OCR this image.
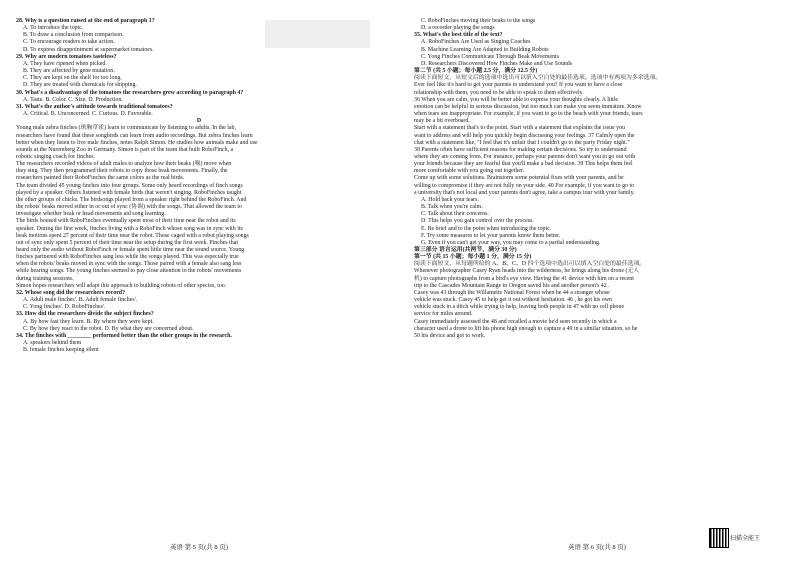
28. Why is a question raised at the end of paragraph 1?

A. To introduce the topic.

B. To draw a conclusion from comparison.

C. To encourage readers to take action.

D. To express disappointment at supermarket tomatoes.

29. Why are modern tomatoes tasteless?

A. They have ripened when picked.

B. They are affected by gene mutation.

C. They are kept on the shelf for too long.

D. They are treated with chemicals for shipping.

30. What's a disadvantage of the tomatoes the researchers grew according to paragraph 4?

A. Taste. B. Color. C. Size. D. Production.

31. What's the author's attitude towards traditional tomatoes?

A. Critical. B. Unconcerned. C. Curious. D. Favorable.

D

Young male zebra finches (斑胸草雀) learn to communicate by listening to adults. In the lab,

researchers have found that these songbirds can learn from audio recordings. But zebra finches learn

better when they listen to live male finches, notes Ralph Simon. He studies how animals make and use

sounds at the Nuremberg Zoo in Germany. Simon is part of the team that built RoboFinch, a

robotic singing coach for finches.

The researchers recorded videos of adult males to analyze how their beaks (喙) move when

they sing. They then programmed their robots to copy those beak movements. Finally, the

researchers painted their RoboFinches the same colors as the real birds.

The team divided 45 young finches into four groups. Some only heard recordings of finch songs

played by a speaker. Others listened with female birds that weren't singing. RoboFinches taught

the other groups of chicks. The birdsongs played from a speaker right behind the RoboFinch. And

the robots' beaks moved either in or out of sync (协调) with the songs. That allowed the team to

investigate whether beak or head movements aid song learning.

The birds housed with RoboFinches eventually spent most of their time near the robot and its

speaker. During the first week, finches living with a RoboFinch whose song was in sync with its

beak motions spent 27 percent of their time near the robot. Those caged with a robot playing songs

out of sync only spent 5 percent of their time near the setup during the first week. Finches that

heard only the audio without RoboFinch or female spent little time near the sound source. Young

finches partnered with RoboFinches sang less while the songs played. This was especially true

when the robots' beaks moved in sync with the songs. Those paired with a female also sang less

while hearing songs. The young finches seemed to pay close attention to the robots' movements

during training sessions.

Simon hopes researchers will adapt this approach to building robots of other species, too.

32. Whose song did the researchers record?

A. Adult male finches'. B. Adult female finches'.

C. Yong finches'. D. RoboFinches'.

33. How did the researchers divide the subject finches?

A. By how fast they learn. B. By where they were kept.

C. By how they react to the robot. D. By what they are concerned about.

34. The finches with ________ performed better than the other groups in the research.

A. speakers behind them

B. female finches keeping silent

C. RoboFinches moving their beaks to the songs

D. a recorder playing the songs

35. What's the best title of the text?

A. RoboFinches Are Used as Singing Coaches

B. Machine Learning Are Adapted to Building Robots

C. Yong Finches Communicate Through Beak Movements

D. Researchers Discovered How Finches Make and Use Sounds

第二节 (共 5 小题；每小题 2.5 分，满分 12.5 分)

阅读下面短文，从短文后的选项中选出可以填入空白处的最佳选项。选项中有两项为多余选项。

Ever feel like it's hard to get your parents to understand you? If you want to have a close

relationship with them, you need to be able to speak to them effectively.

36 When you are calm, you will be better able to express your thoughts clearly. A little

emotion can be helpful in serious discussion, but too much can make you seem immature. Know

when tears are inappropriate. For example, if you want to go to the beach with your friends, tears

may be a bit overboard.

Start with a statement that's to the point. Start with a statement that explains the issue you

want to address and will help you quickly begin discussing your feelings. 37 Calmly open the

chat with a statement like, "I feel that it's unfair that I couldn't go to the party Friday night."

38 Parents often have sufficient reasons for making certain decisions. So try to understand

where they are coming from. For instance, perhaps your parents don't want you to go out with

your friends because they are fearful that you'll make a bad decision. 39 This helps them feel

more comfortable with you going out together.

Come up with some solutions. Brainstorm some potential fixes with your parents, and be

willing to compromise if they are not fully on your side. 40 For example, if you want to go to

a university that's not local and your parents don't agree, take a campus tour with your family.

A. Hold back your tears.

B. Talk when you're calm.

C. Talk about their concerns.

D. This helps you gain control over the process.

E. Be brief and to the point when introducing the topic.

F. Try some measures to let your parents know them better.

G. Even if you can't get your way, you may come to a partial understanding.

第三部分 语言运用(共两节，满分 30 分)

第一节 (共 15 小题；每小题 1 分，满分 15 分)

阅读下面短文，从每题所给的 A、B、C、D 四个选项中选出可以填入空白处的最佳选项。

Whenever photographer Casey Ryan heads into the wilderness, he brings along his drone (无人

机) to capture photographs from a bird's eye view. Having the 41 device with him on a recent

trip to the Cascades Mountain Range in Oregon saved his and another person's 42 .

Casey was 43 through the Willamette National Forest when he 44 a stranger whose

vehicle was stuck. Casey 45 to help get it out without hesitation. 46 , he got his own

vehicle stuck in a ditch while trying to help, leaving both people in 47 with no cell phone

service for miles around.

Casey immediately assessed the 48 and recalled a movie he'd seen recently in which a

character used a drone to lift his phone high enough to capture a 49 in a similar situation, so he

50 his device and got to work.

英语 第 5 页(共 8 页)	英语 第 6 页(共 8 页)
扫描全能王
